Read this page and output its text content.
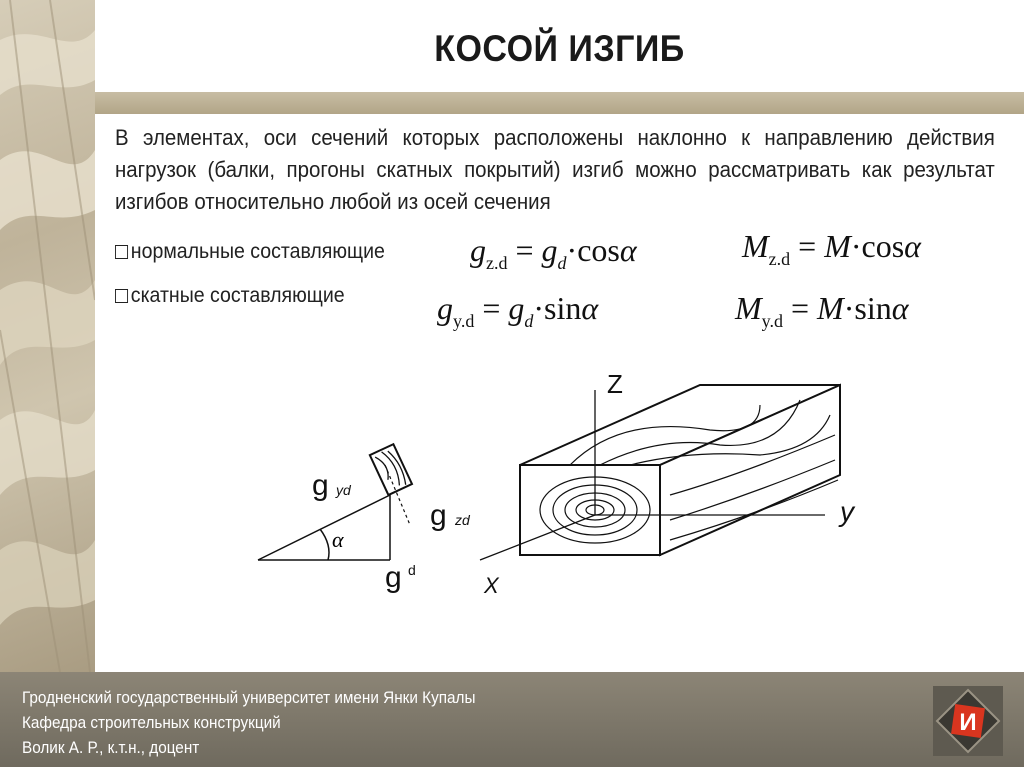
КОСОЙ ИЗГИБ
В элементах, оси сечений которых расположены наклонно к направлению действия нагрузок (балки, прогоны скатных покрытий) изгиб можно рассматривать как результат изгибов относительно любой из осей сечения
нормальные составляющие
скатные составляющие
$g_{z.d} = g_d\cdot\cos\alpha$	$M_{z.d} = M\cdot\cos\alpha$
$g_{y.d} = g_d\cdot\sin\alpha$	$M_{y.d} = M\cdot\sin\alpha$
α
g yd
g zd
g d
Z
y
X
Гродненский государственный университет имени Янки Купалы
Кафедра строительных конструкций
Волик А. Р., к.т.н., доцент
И
